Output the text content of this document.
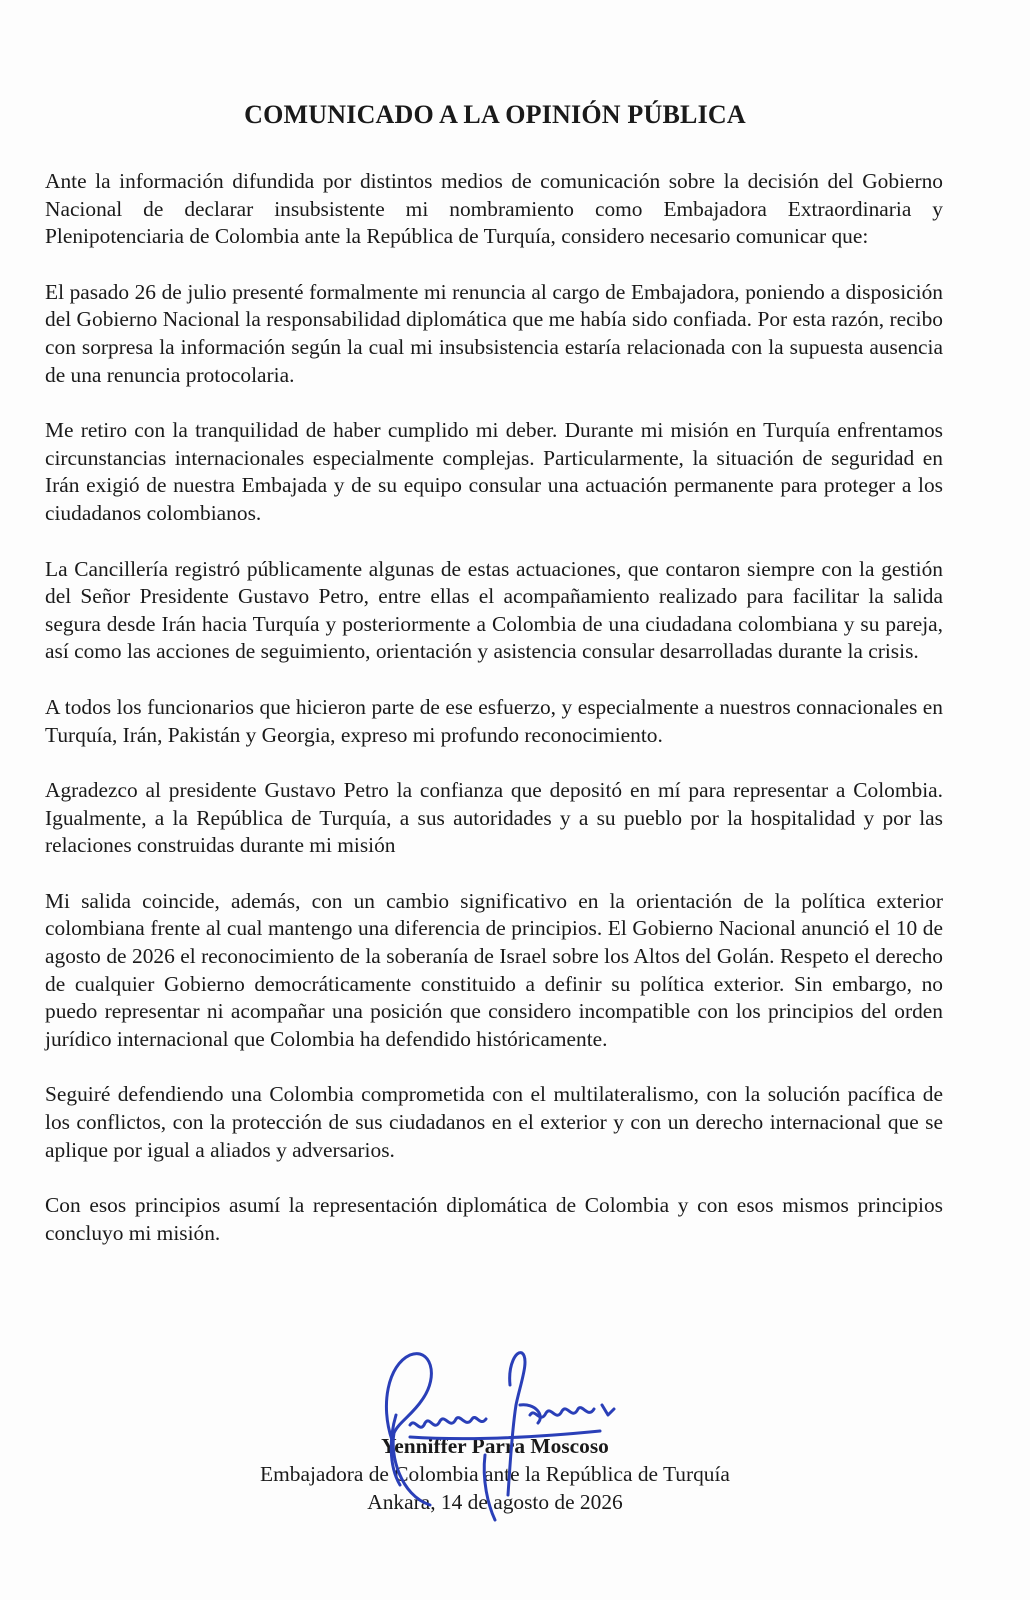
COMUNICADO A LA OPINIÓN PÚBLICA

Ante la información difundida por distintos medios de comunicación sobre la decisión del Gobierno Nacional de declarar insubsistente mi nombramiento como Embajadora Extraordinaria y Plenipotenciaria de Colombia ante la República de Turquía, considero necesario comunicar que:

El pasado 26 de julio presenté formalmente mi renuncia al cargo de Embajadora, poniendo a disposición del Gobierno Nacional la responsabilidad diplomática que me había sido confiada. Por esta razón, recibo con sorpresa la información según la cual mi insubsistencia estaría relacionada con la supuesta ausencia de una renuncia protocolaria.

Me retiro con la tranquilidad de haber cumplido mi deber. Durante mi misión en Turquía enfrentamos circunstancias internacionales especialmente complejas. Particularmente, la situación de seguridad en Irán exigió de nuestra Embajada y de su equipo consular una actuación permanente para proteger a los ciudadanos colombianos.

La Cancillería registró públicamente algunas de estas actuaciones, que contaron siempre con la gestión del Señor Presidente Gustavo Petro, entre ellas el acompañamiento realizado para facilitar la salida segura desde Irán hacia Turquía y posteriormente a Colombia de una ciudadana colombiana y su pareja, así como las acciones de seguimiento, orientación y asistencia consular desarrolladas durante la crisis.

A todos los funcionarios que hicieron parte de ese esfuerzo, y especialmente a nuestros connacionales en Turquía, Irán, Pakistán y Georgia, expreso mi profundo reconocimiento.

Agradezco al presidente Gustavo Petro la confianza que depositó en mí para representar a Colombia. Igualmente, a la República de Turquía, a sus autoridades y a su pueblo por la hospitalidad y por las relaciones construidas durante mi misión

Mi salida coincide, además, con un cambio significativo en la orientación de la política exterior colombiana frente al cual mantengo una diferencia de principios. El Gobierno Nacional anunció el 10 de agosto de 2026 el reconocimiento de la soberanía de Israel sobre los Altos del Golán. Respeto el derecho de cualquier Gobierno democráticamente constituido a definir su política exterior. Sin embargo, no puedo representar ni acompañar una posición que considero incompatible con los principios del orden jurídico internacional que Colombia ha defendido históricamente.

Seguiré defendiendo una Colombia comprometida con el multilateralismo, con la solución pacífica de los conflictos, con la protección de sus ciudadanos en el exterior y con un derecho internacional que se aplique por igual a aliados y adversarios.

Con esos principios asumí la representación diplomática de Colombia y con esos mismos principios concluyo mi misión.

Yenniffer Parra Moscoso

Embajadora de Colombia ante la República de Turquía

Ankara, 14 de agosto de 2026
